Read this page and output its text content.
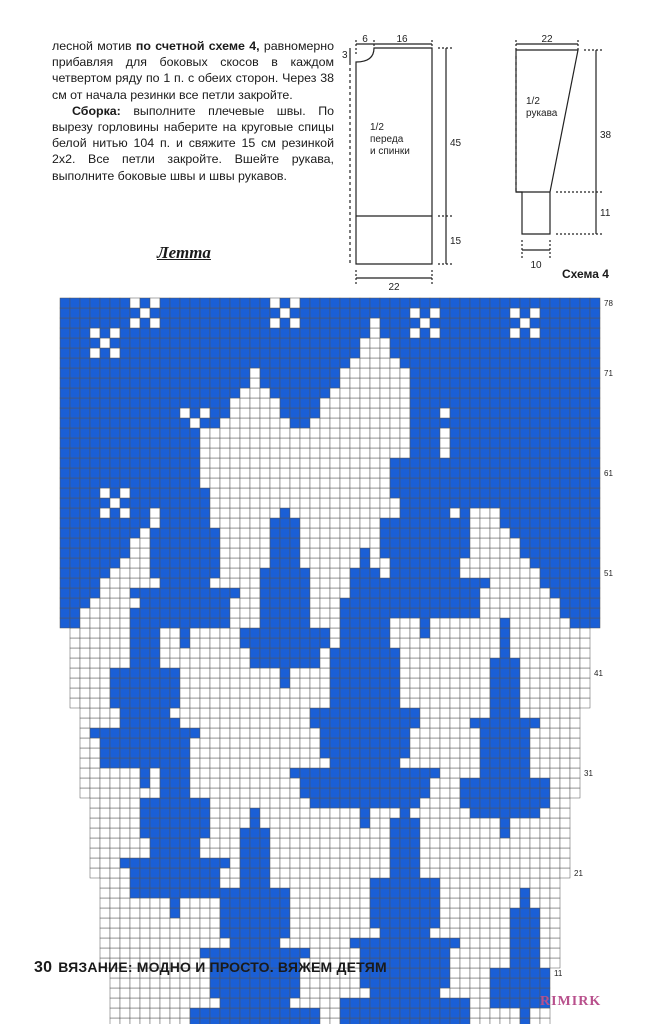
лесной мотив по счетной схеме 4, равномерно прибавляя для боковых скосов в каждом четвертом ряду по 1 п. с обеих сторон. Через 38 см от начала резинки все петли закройте.

Сборка: выполните плечевые швы. По вырезу горловины наберите на круговые спицы белой нитью 104 п. и свяжите 15 см резинкой 2х2. Все петли закройте. Вшейте рукава, выполните боковые швы и швы рукавов.

Летта
6	16
3
45
15
22
1/2
переда
и спинки
22
38
11
10
1/2
рукава
Схема 4
78
71
61
51
41
31
21
11
30 ВЯЗАНИЕ: МОДНО И ПРОСТО. ВЯЖЕМ ДЕТЯМ
RIMIRK
